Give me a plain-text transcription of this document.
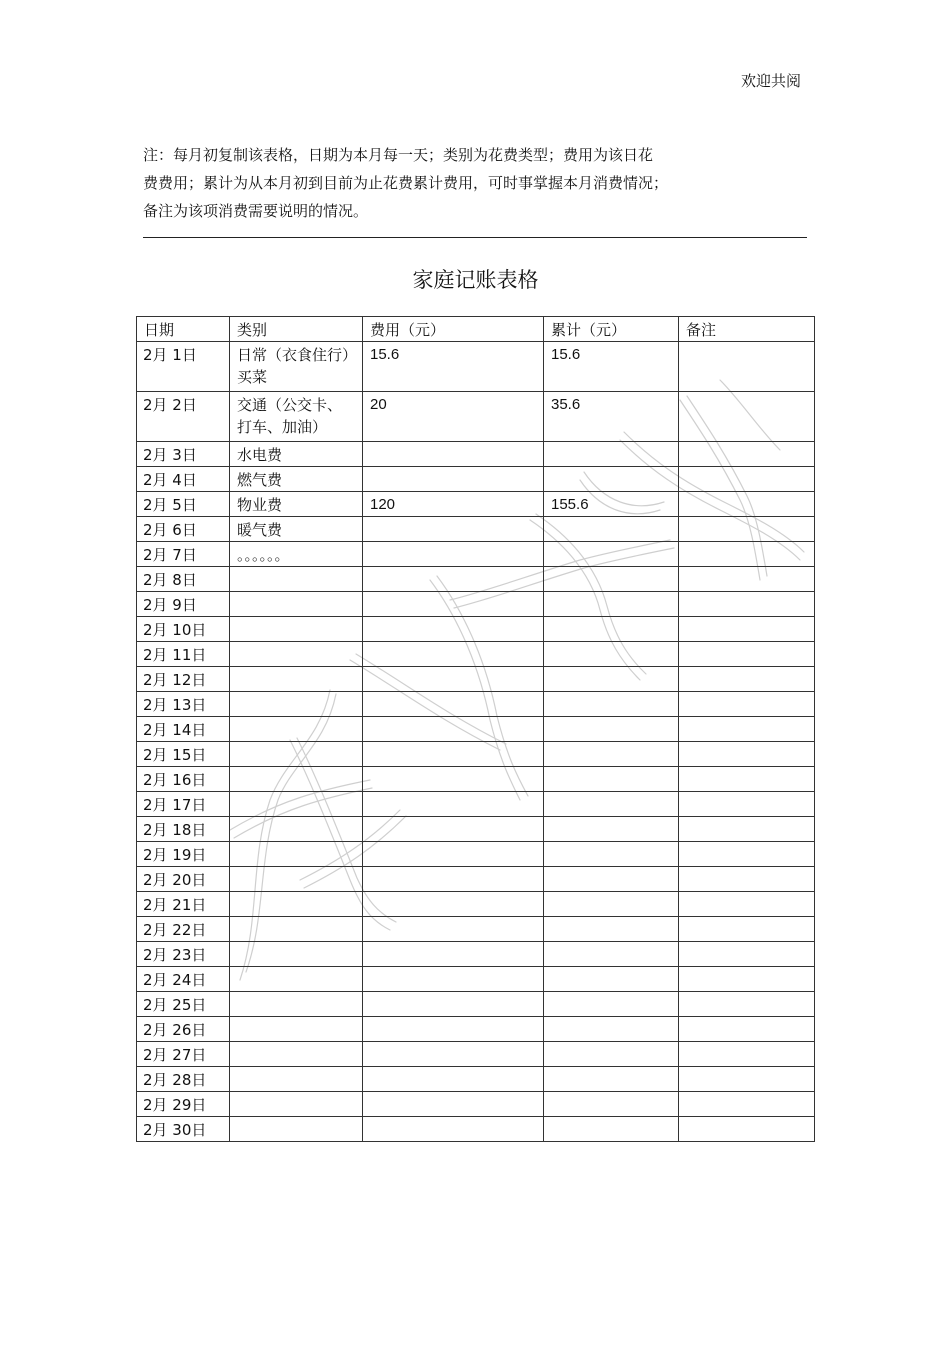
欢迎共阅
注：每月初复制该表格，日期为本月每一天；类别为花费类型；费用为该日花
费费用；累计为从本月初到目前为止花费累计费用，可时事掌握本月消费情况；
备注为该项消费需要说明的情况。
家庭记账表格
日期	类别	费用（元）	累计（元）	备注
2月 1日	日常（衣食住行）买菜	15.6	15.6	
2月 2日	交通（公交卡、打车、加油）	20	35.6	
2月 3日	水电费			
2月 4日	燃气费			
2月 5日	物业费	120	155.6	
2月 6日	暖气费			
2月 7日	。。。。。。			
2月 8日				
2月 9日				
2月 10日				
2月 11日				
2月 12日				
2月 13日				
2月 14日				
2月 15日				
2月 16日				
2月 17日				
2月 18日				
2月 19日				
2月 20日				
2月 21日				
2月 22日				
2月 23日				
2月 24日				
2月 25日				
2月 26日				
2月 27日				
2月 28日				
2月 29日				
2月 30日				
